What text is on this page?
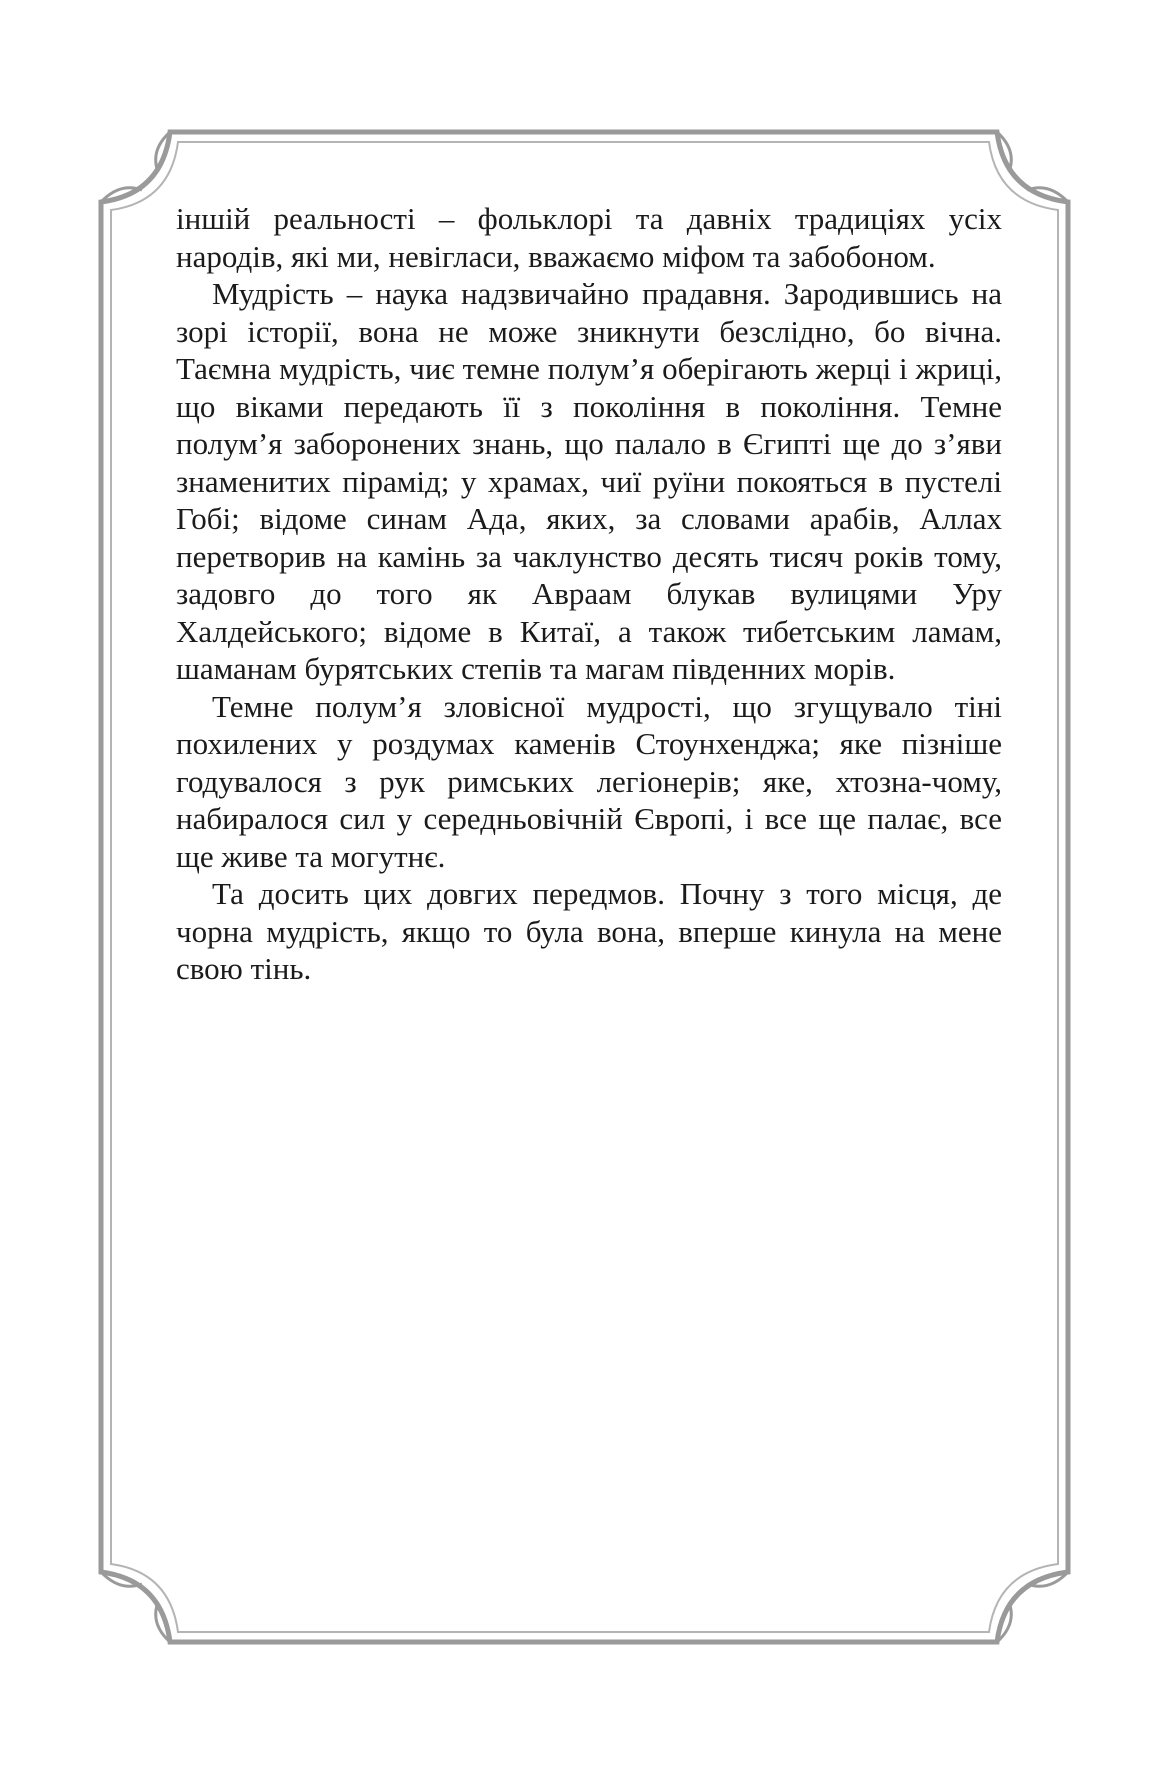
іншій реальності – фольклорі та давніх традиціях усіх народів, які ми, невігласи, вважаємо міфом та забобоном.

Мудрість – наука надзвичайно прадавня. Зародившись на зорі історії, вона не може зникнути безслідно, бо вічна. Таємна мудрість, чиє темне полум’я оберігають жерці і жриці, що віками передають її з покоління в покоління. Темне полум’я заборонених знань, що палало в Єгипті ще до з’яви знаменитих пірамід; у храмах, чиї руїни покояться в пустелі Гобі; відоме синам Ада, яких, за словами арабів, Аллах перетворив на камінь за чаклунство десять тисяч років тому, задовго до того як Авраам блукав вулицями Уру Халдейського; відоме в Китаї, а також тибетським ламам, шаманам бурятських степів та магам південних морів.

Темне полум’я зловісної мудрості, що згущувало тіні похилених у роздумах каменів Стоунхенджа; яке пізніше годувалося з рук римських легіонерів; яке, хтозна-чому, набиралося сил у середньовічній Європі, і все ще палає, все ще живе та могутнє.

Та досить цих довгих передмов. Почну з того місця, де чорна мудрість, якщо то була вона, вперше кинула на мене свою тінь.
